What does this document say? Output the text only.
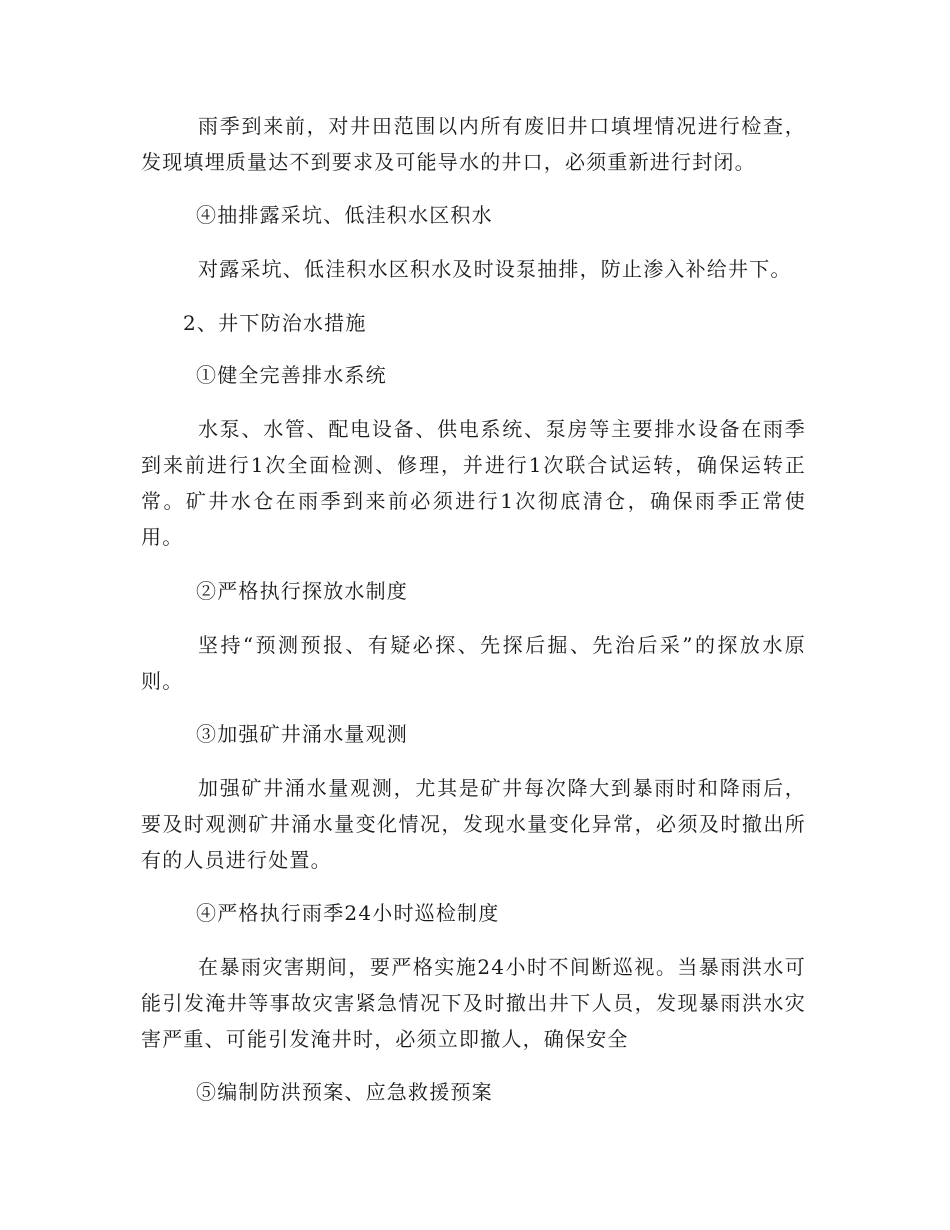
雨季到来前，对井田范围以内所有废旧井口填埋情况进行检查，发现填埋质量达不到要求及可能导水的井口，必须重新进行封闭。

④抽排露采坑、低洼积水区积水

对露采坑、低洼积水区积水及时设泵抽排，防止渗入补给井下。

2、井下防治水措施

①健全完善排水系统

水泵、水管、配电设备、供电系统、泵房等主要排水设备在雨季到来前进行1次全面检测、修理，并进行1次联合试运转，确保运转正常。矿井水仓在雨季到来前必须进行1次彻底清仓，确保雨季正常使用。

②严格执行探放水制度

坚持“预测预报、有疑必探、先探后掘、先治后采”的探放水原则。

③加强矿井涌水量观测

加强矿井涌水量观测，尤其是矿井每次降大到暴雨时和降雨后，要及时观测矿井涌水量变化情况，发现水量变化异常，必须及时撤出所有的人员进行处置。

④严格执行雨季24小时巡检制度

在暴雨灾害期间，要严格实施24小时不间断巡视。当暴雨洪水可能引发淹井等事故灾害紧急情况下及时撤出井下人员，发现暴雨洪水灾害严重、可能引发淹井时，必须立即撤人，确保安全

⑤编制防洪预案、应急救援预案
